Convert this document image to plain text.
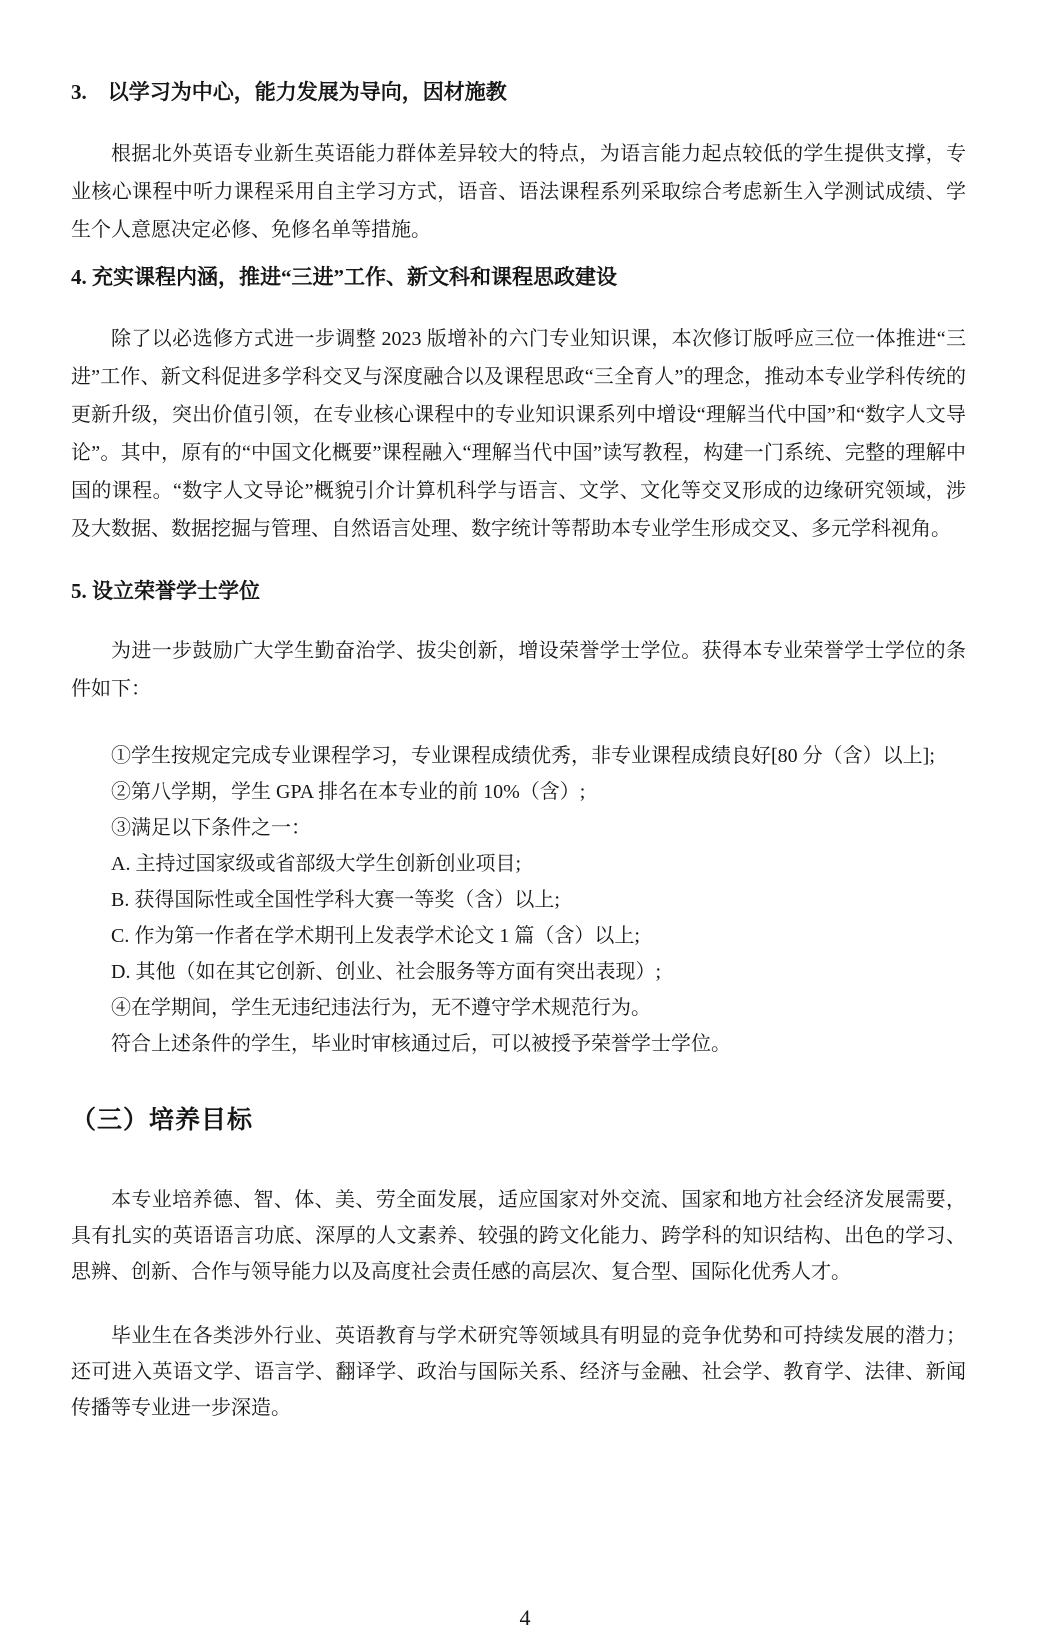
3.　以学习为中心，能力发展为导向，因材施教

根据北外英语专业新生英语能力群体差异较大的特点，为语言能力起点较低的学生提供支撑，专业核心课程中听力课程采用自主学习方式，语音、语法课程系列采取综合考虑新生入学测试成绩、学生个人意愿决定必修、免修名单等措施。

4. 充实课程内涵，推进“三进”工作、新文科和课程思政建设

除了以必选修方式进一步调整 2023 版增补的六门专业知识课，本次修订版呼应三位一体推进“三进”工作、新文科促进多学科交叉与深度融合以及课程思政“三全育人”的理念，推动本专业学科传统的更新升级，突出价值引领，在专业核心课程中的专业知识课系列中增设“理解当代中国”和“数字人文导论”。其中，原有的“中国文化概要”课程融入“理解当代中国”读写教程，构建一门系统、完整的理解中国的课程。“数字人文导论”概貌引介计算机科学与语言、文学、文化等交叉形成的边缘研究领域，涉及大数据、数据挖掘与管理、自然语言处理、数字统计等帮助本专业学生形成交叉、多元学科视角。

5. 设立荣誉学士学位

为进一步鼓励广大学生勤奋治学、拔尖创新，增设荣誉学士学位。获得本专业荣誉学士学位的条件如下：

①学生按规定完成专业课程学习，专业课程成绩优秀，非专业课程成绩良好[80 分（含）以上];

②第八学期，学生 GPA 排名在本专业的前 10%（含）;

③满足以下条件之一：

A. 主持过国家级或省部级大学生创新创业项目;

B. 获得国际性或全国性学科大赛一等奖（含）以上;

C. 作为第一作者在学术期刊上发表学术论文 1 篇（含）以上;

D. 其他（如在其它创新、创业、社会服务等方面有突出表现）;

④在学期间，学生无违纪违法行为，无不遵守学术规范行为。

符合上述条件的学生，毕业时审核通过后，可以被授予荣誉学士学位。

（三）培养目标

本专业培养德、智、体、美、劳全面发展，适应国家对外交流、国家和地方社会经济发展需要，具有扎实的英语语言功底、深厚的人文素养、较强的跨文化能力、跨学科的知识结构、出色的学习、思辨、创新、合作与领导能力以及高度社会责任感的高层次、复合型、国际化优秀人才。

毕业生在各类涉外行业、英语教育与学术研究等领域具有明显的竞争优势和可持续发展的潜力；还可进入英语文学、语言学、翻译学、政治与国际关系、经济与金融、社会学、教育学、法律、新闻传播等专业进一步深造。

4
